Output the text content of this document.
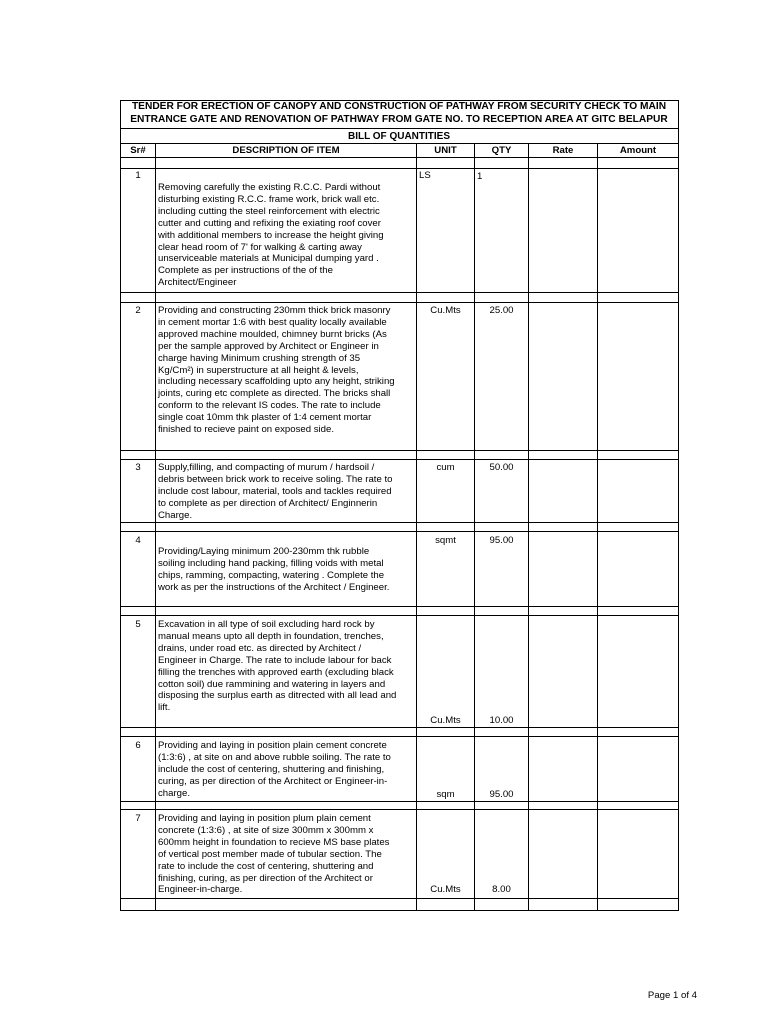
TENDER FOR ERECTION OF CANOPY AND CONSTRUCTION OF PATHWAY FROM SECURITY CHECK TO MAIN
ENTRANCE GATE AND RENOVATION OF PATHWAY FROM GATE NO. TO RECEPTION AREA AT GITC BELAPUR
BILL OF QUANTITIES
Sr#	DESCRIPTION OF ITEM	UNIT	QTY	Rate	Amount
1
Removing carefully the existing R.C.C. Pardi without
disturbing existing R.C.C. frame work, brick wall etc.
including cutting the steel reinforcement with electric
cutter and cutting and refixing the exiating roof cover
with additional members to increase the height giving
clear head room of 7' for walking & carting away
unserviceable materials at Municipal dumping yard .
Complete as per instructions of the of the
Architect/Engineer
LS	1
2	Providing and constructing 230mm thick brick masonry
in cement mortar 1:6 with best quality locally available
approved machine moulded, chimney burnt bricks (As
per the sample approved by Architect or Engineer in
charge having Minimum crushing strength of 35
Kg/Cm²) in superstructure at all height & levels,
including necessary scaffolding upto any height, striking
joints, curing etc complete as directed. The bricks shall
conform to the relevant IS codes. The rate to include
single coat 10mm thk plaster of 1:4 cement mortar
finished to recieve paint on exposed side.
Cu.Mts	25.00
3	Supply,filling, and compacting of murum / hardsoil /
debris between brick work to receive soling. The rate to
include cost labour, material, tools and tackles required
to complete as per direction of Architect/ Enginnerin
Charge.
cum	50.00
4
Providing/Laying minimum 200-230mm thk rubble
soiling including hand packing, filling voids with metal
chips, ramming, compacting, watering . Complete the
work as per the instructions of the Architect / Engineer.
sqmt	95.00
5	Excavation in all type of soil excluding hard rock by
manual means upto all depth in foundation, trenches,
drains, under road etc. as directed by Architect /
Engineer in Charge. The rate to include labour for back
filling the trenches with approved earth (excluding black
cotton soil) due rammining and watering in layers and
disposing the surplus earth as ditrected with all lead and
lift.
Cu.Mts	10.00
6	Providing and laying in position plain cement concrete
(1:3:6) , at site on and above rubble soiling. The rate to
include the cost of centering, shuttering and finishing,
curing, as per direction of the Architect or Engineer-in-
charge.	sqm	95.00
7	Providing and laying in position plum plain cement
concrete (1:3:6) , at site of size 300mm x 300mm x
600mm height in foundation to recieve MS base plates
of vertical post member made of tubular section. The
rate to include the cost of centering, shuttering and
finishing, curing, as per direction of the Architect or
Engineer-in-charge.	Cu.Mts	8.00
Page 1 of 4
